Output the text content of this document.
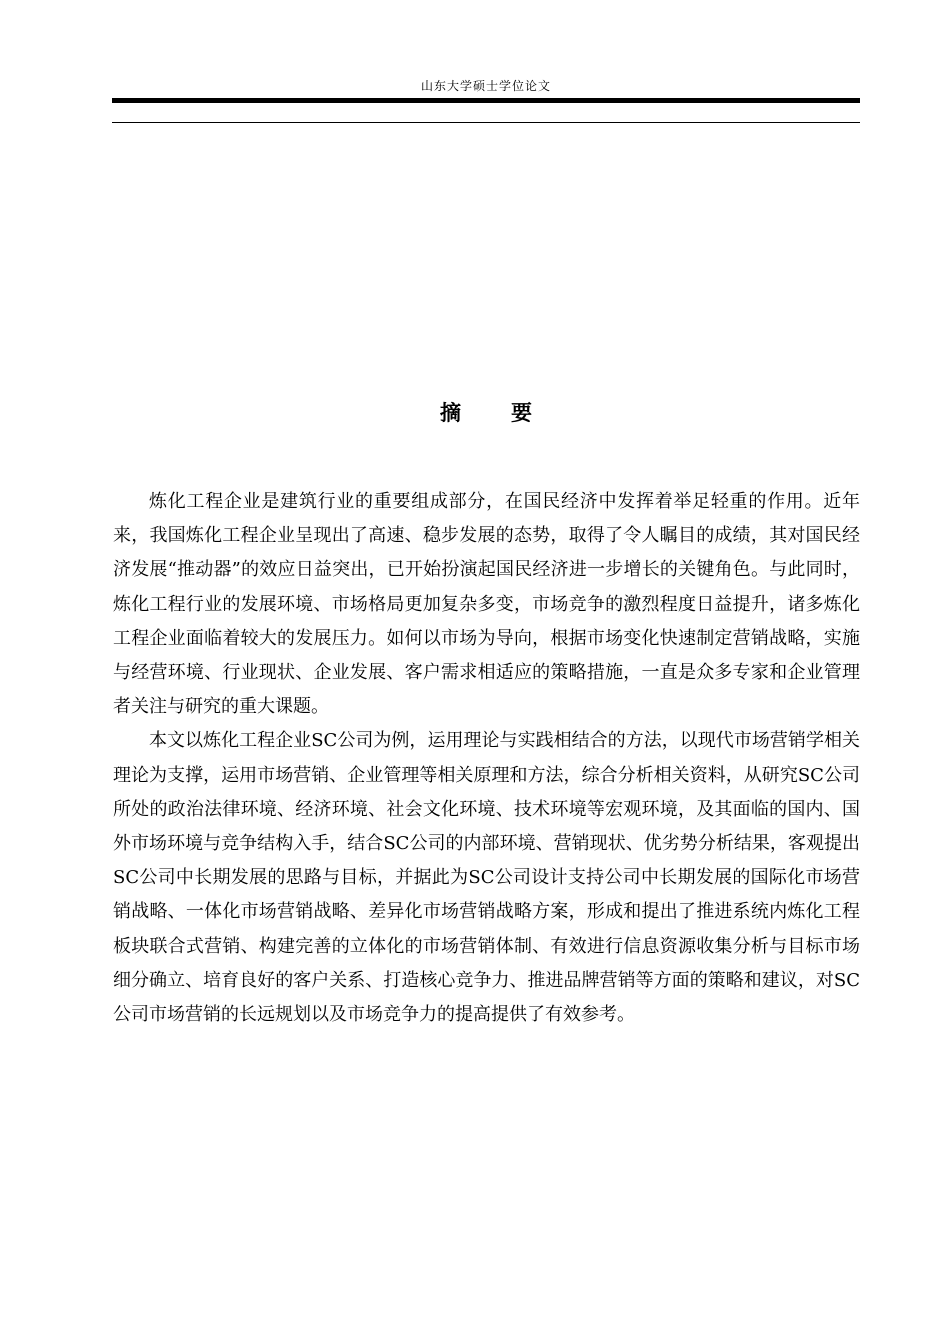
山东大学硕士学位论文
摘 要

炼化工程企业是建筑行业的重要组成部分，在国民经济中发挥着举足轻重的作用。近年来，我国炼化工程企业呈现出了高速、稳步发展的态势，取得了令人瞩目的成绩，其对国民经济发展“推动器”的效应日益突出，已开始扮演起国民经济进一步增长的关键角色。与此同时，炼化工程行业的发展环境、市场格局更加复杂多变，市场竞争的激烈程度日益提升，诸多炼化工程企业面临着较大的发展压力。如何以市场为导向，根据市场变化快速制定营销战略，实施与经营环境、行业现状、企业发展、客户需求相适应的策略措施，一直是众多专家和企业管理者关注与研究的重大课题。

本文以炼化工程企业SC公司为例，运用理论与实践相结合的方法，以现代市场营销学相关理论为支撑，运用市场营销、企业管理等相关原理和方法，综合分析相关资料，从研究SC公司所处的政治法律环境、经济环境、社会文化环境、技术环境等宏观环境，及其面临的国内、国外市场环境与竞争结构入手，结合SC公司的内部环境、营销现状、优劣势分析结果，客观提出SC公司中长期发展的思路与目标，并据此为SC公司设计支持公司中长期发展的国际化市场营销战略、一体化市场营销战略、差异化市场营销战略方案，形成和提出了推进系统内炼化工程板块联合式营销、构建完善的立体化的市场营销体制、有效进行信息资源收集分析与目标市场细分确立、培育良好的客户关系、打造核心竞争力、推进品牌营销等方面的策略和建议，对SC公司市场营销的长远规划以及市场竞争力的提高提供了有效参考。
